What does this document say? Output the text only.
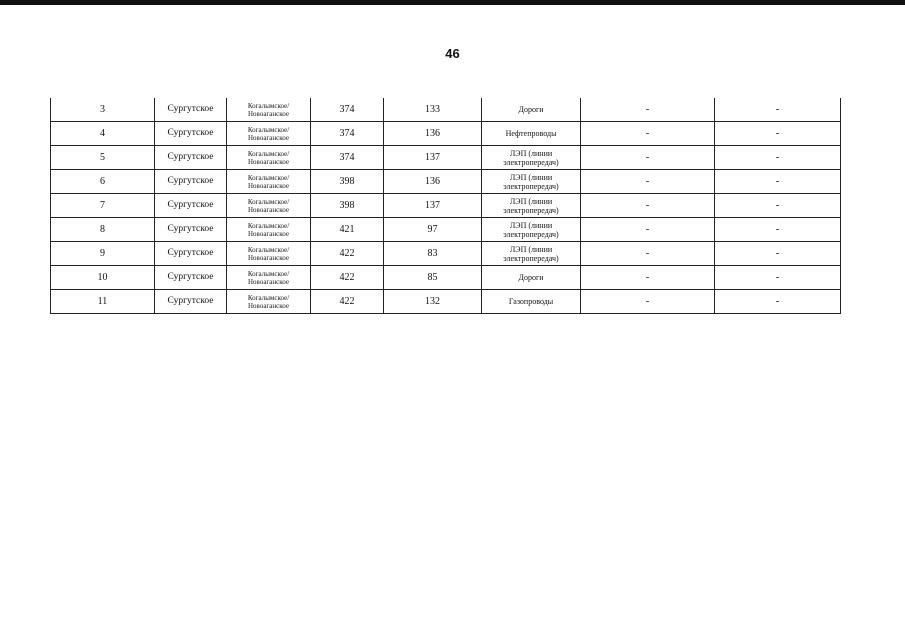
46
3	Сургутское	Когалымское/ Новоаганское	374	133	Дороги	-	-
4	Сургутское	Когалымское/ Новоаганское	374	136	Нефтепроводы	-	-
5	Сургутское	Когалымское/ Новоаганское	374	137	ЛЭП (линии электропередач)	-	-
6	Сургутское	Когалымское/ Новоаганское	398	136	ЛЭП (линии электропередач)	-	-
7	Сургутское	Когалымское/ Новоаганское	398	137	ЛЭП (линии электропередач)	-	-
8	Сургутское	Когалымское/ Новоаганское	421	97	ЛЭП (линии электропередач)	-	-
9	Сургутское	Когалымское/ Новоаганское	422	83	ЛЭП (линии электропередач)	-	-
10	Сургутское	Когалымское/ Новоаганское	422	85	Дороги	-	-
11	Сургутское	Когалымское/ Новоаганское	422	132	Газопроводы	-	-
